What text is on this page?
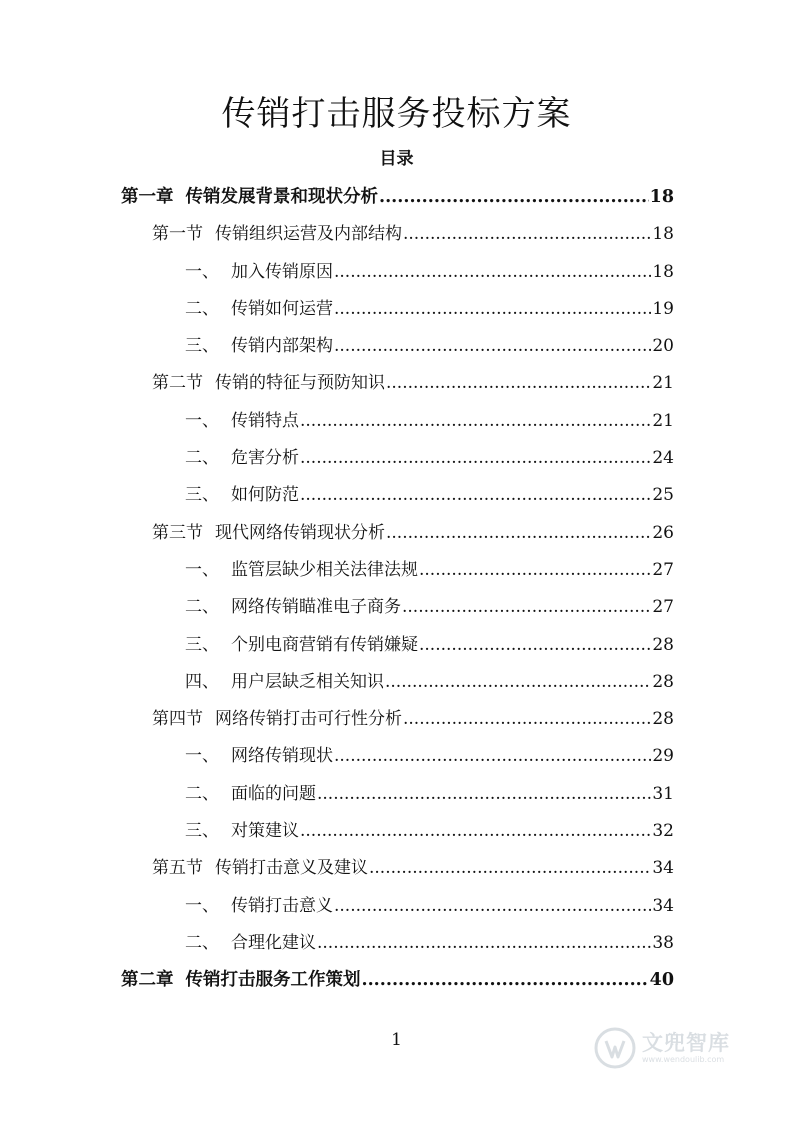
传销打击服务投标方案
目录
第一章 传销发展背景和现状分析 .....	18
第一节 传销组织运营及内部结构 .....	18
一、 加入传销原因 .....	18
二、 传销如何运营 .....	19
三、 传销内部架构 .....	20
第二节 传销的特征与预防知识 .....	21
一、 传销特点 .....	21
二、 危害分析 .....	24
三、 如何防范 .....	25
第三节 现代网络传销现状分析 .....	26
一、 监管层缺少相关法律法规 .....	27
二、 网络传销瞄准电子商务 .....	27
三、 个别电商营销有传销嫌疑 .....	28
四、 用户层缺乏相关知识 .....	28
第四节 网络传销打击可行性分析 .....	28
一、 网络传销现状 .....	29
二、 面临的问题 .....	31
三、 对策建议 .....	32
第五节 传销打击意义及建议 .....	34
一、 传销打击意义 .....	34
二、 合理化建议 .....	38
第二章 传销打击服务工作策划 .....	40
1	文兜智库
www.wendoulib.com
